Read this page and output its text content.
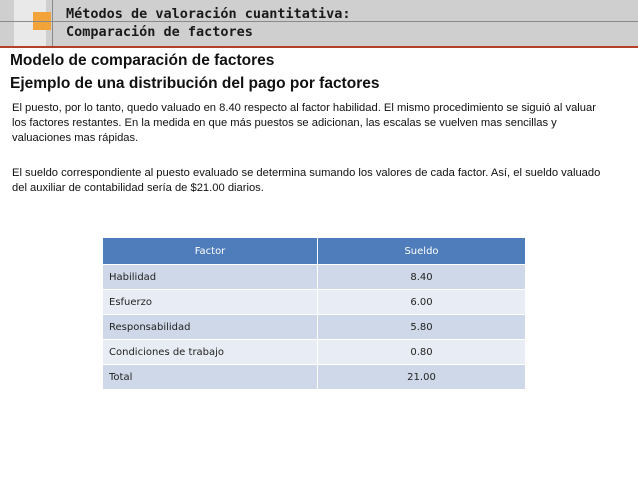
Métodos de valoración cuantitativa:
Comparación de factores
Modelo de comparación de factores
Ejemplo de una distribución del pago por factores
El puesto, por lo tanto, quedo valuado en 8.40 respecto al factor habilidad. El mismo procedimiento se siguió al valuar los factores restantes. En la medida en que más puestos se adicionan, las escalas se vuelven mas sencillas y valuaciones mas rápidas.
El sueldo correspondiente al puesto evaluado se determina sumando los valores de cada factor. Así, el sueldo valuado del auxiliar de contabilidad sería de $21.00 diarios.
Factor	Sueldo
Habilidad	8.40
Esfuerzo	6.00
Responsabilidad	5.80
Condiciones de trabajo	0.80
Total	21.00
